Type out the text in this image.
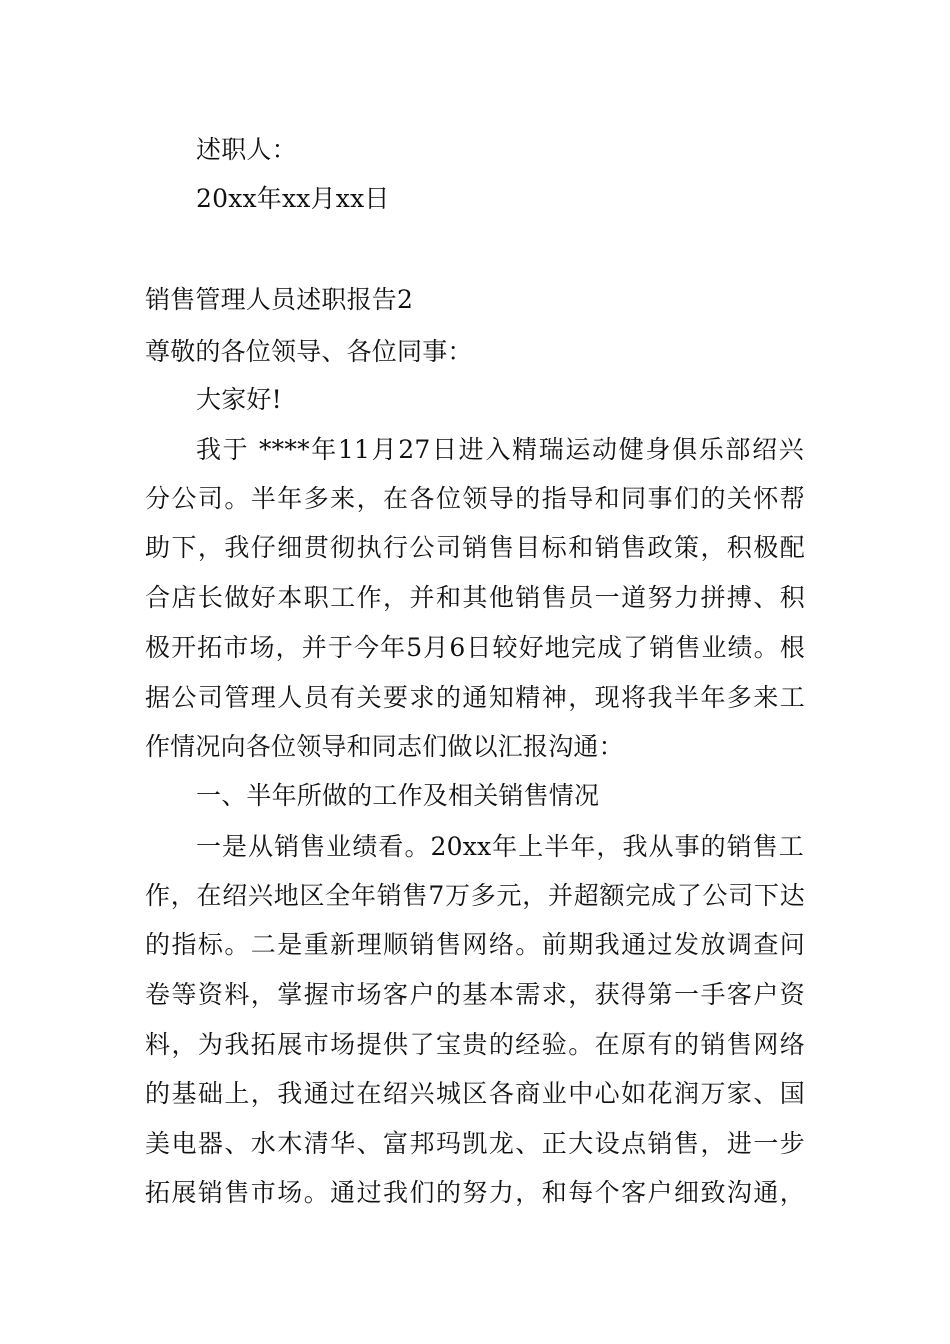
述职人：
20xx年xx月xx日
销售管理人员述职报告2
尊敬的各位领导、各位同事：
大家好!
我于 ****年11月27日进入精瑞运动健身俱乐部绍兴
分公司。半年多来，在各位领导的指导和同事们的关怀帮
助下，我仔细贯彻执行公司销售目标和销售政策，积极配
合店长做好本职工作，并和其他销售员一道努力拼搏、积
极开拓市场，并于今年5月6日较好地完成了销售业绩。根
据公司管理人员有关要求的通知精神，现将我半年多来工
作情况向各位领导和同志们做以汇报沟通：
一、半年所做的工作及相关销售情况
一是从销售业绩看。20xx年上半年，我从事的销售工
作，在绍兴地区全年销售7万多元，并超额完成了公司下达
的指标。二是重新理顺销售网络。前期我通过发放调查问
卷等资料，掌握市场客户的基本需求，获得第一手客户资
料，为我拓展市场提供了宝贵的经验。在原有的销售网络
的基础上，我通过在绍兴城区各商业中心如花润万家、国
美电器、水木清华、富邦玛凯龙、正大设点销售，进一步
拓展销售市场。通过我们的努力，和每个客户细致沟通，
